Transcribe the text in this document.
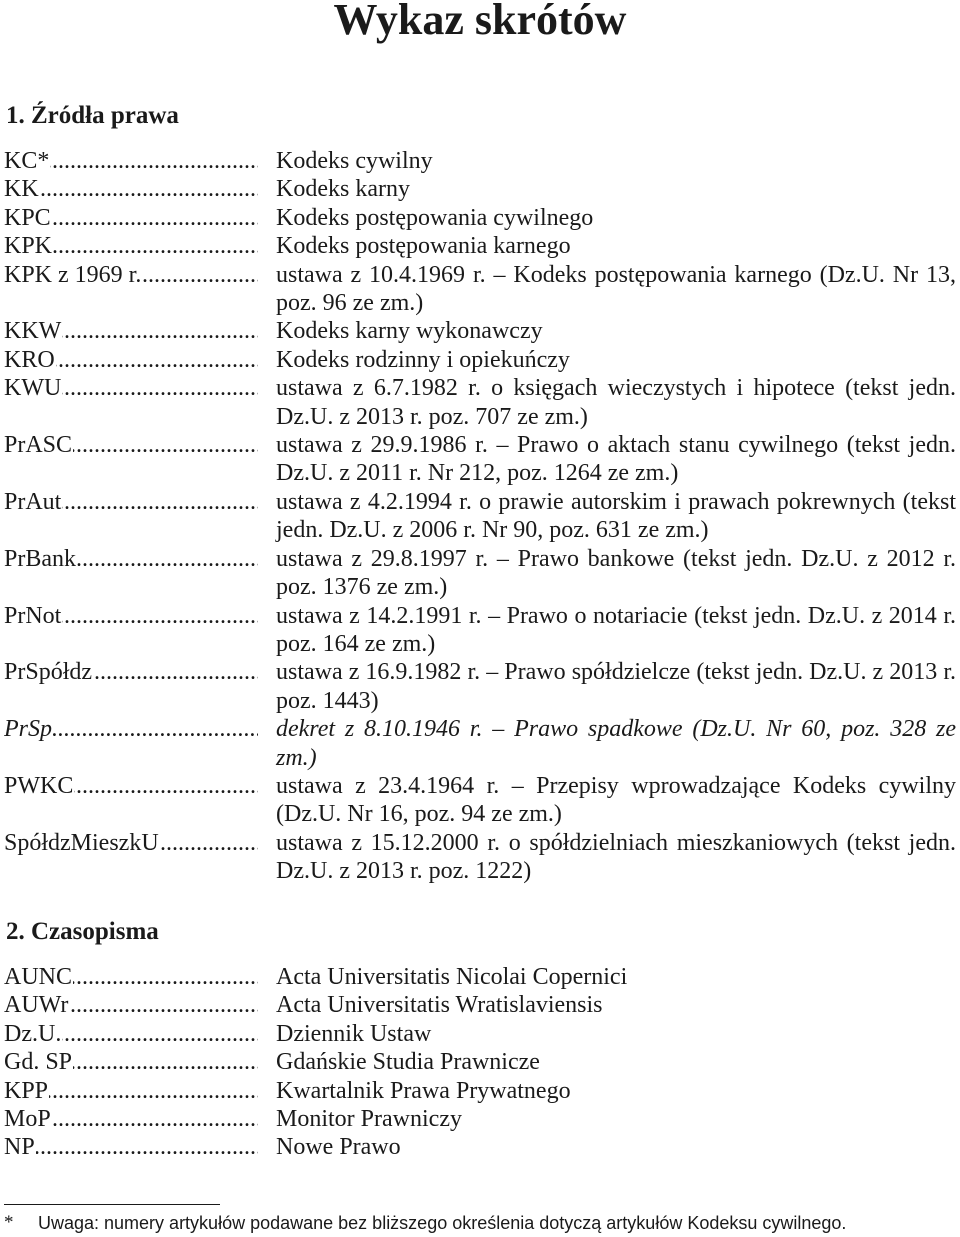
Wykaz skrótów
1. Źródła prawa
KC* .....	Kodeks cywilny
KK .....	Kodeks karny
KPC .....	Kodeks postępowania cywilnego
KPK .....	Kodeks postępowania karnego
KPK z 1969 r. .....	ustawa z 10.4.1969 r. – Kodeks postępowania karnego (Dz.U. Nr 13, poz. 96 ze zm.)
KKW .....	Kodeks karny wykonawczy
KRO .....	Kodeks rodzinny i opiekuńczy
KWU .....	ustawa z 6.7.1982 r. o księgach wieczystych i hipotece (tekst jedn. Dz.U. z 2013 r. poz. 707 ze zm.)
PrASC .....	ustawa z 29.9.1986 r. – Prawo o aktach stanu cywilnego (tekst jedn. Dz.U. z 2011 r. Nr 212, poz. 1264 ze zm.)
PrAut .....	ustawa z 4.2.1994 r. o prawie autorskim i prawach pokrewnych (tekst jedn. Dz.U. z 2006 r. Nr 90, poz. 631 ze zm.)
PrBank .....	ustawa z 29.8.1997 r. – Prawo bankowe (tekst jedn. Dz.U. z 2012 r. poz. 1376 ze zm.)
PrNot .....	ustawa z 14.2.1991 r. – Prawo o notariacie (tekst jedn. Dz.U. z 2014 r. poz. 164 ze zm.)
PrSpółdz .....	ustawa z 16.9.1982 r. – Prawo spółdzielcze (tekst jedn. Dz.U. z 2013 r. poz. 1443)
PrSp .....	dekret z 8.10.1946 r. – Prawo spadkowe (Dz.U. Nr 60, poz. 328 ze zm.)
PWKC .....	ustawa z 23.4.1964 r. – Przepisy wprowadzające Kodeks cywilny (Dz.U. Nr 16, poz. 94 ze zm.)
SpółdzMieszkU .....	ustawa z 15.12.2000 r. o spółdzielniach mieszkaniowych (tekst jedn. Dz.U. z 2013 r. poz. 1222)
2. Czasopisma
AUNC .....	Acta Universitatis Nicolai Copernici
AUWr .....	Acta Universitatis Wratislaviensis
Dz.U. .....	Dziennik Ustaw
Gd. SP .....	Gdańskie Studia Prawnicze
KPP .....	Kwartalnik Prawa Prywatnego
MoP .....	Monitor Prawniczy
NP .....	Nowe Prawo
*	Uwaga: numery artykułów podawane bez bliższego określenia dotyczą artykułów Kodeksu cywilnego.
